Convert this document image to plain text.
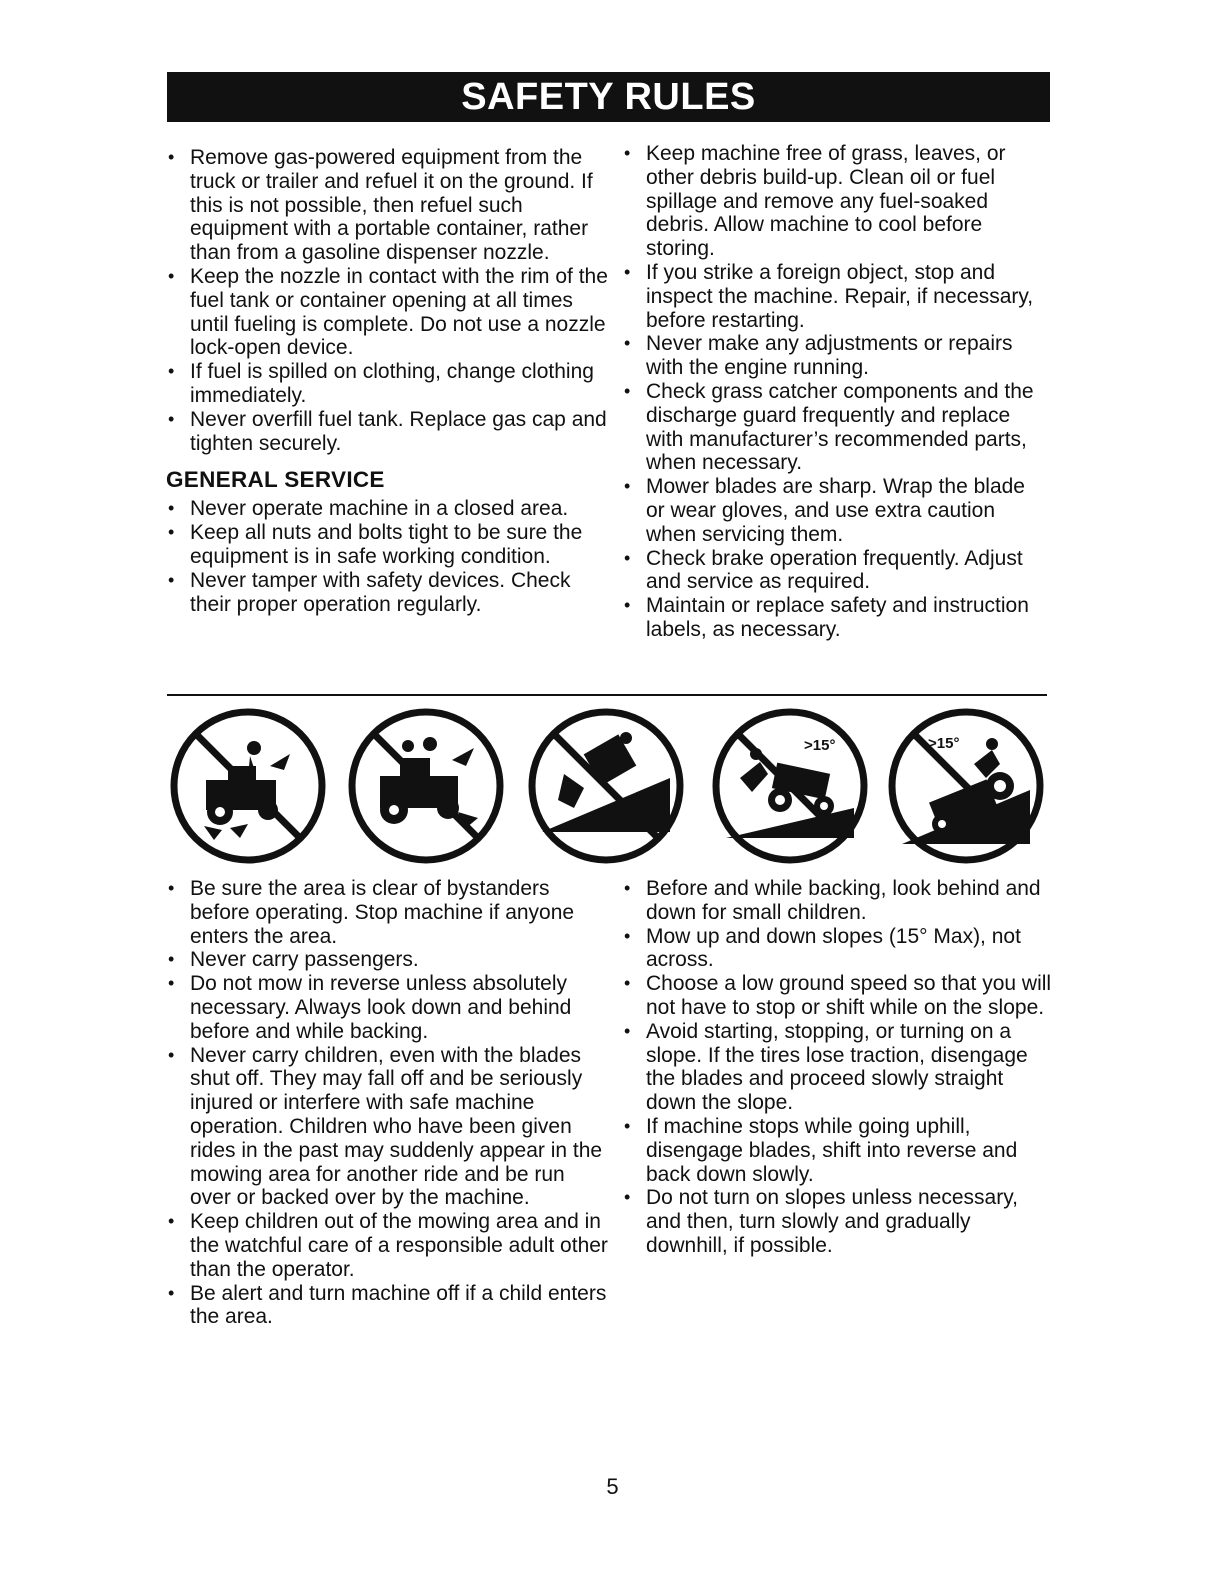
SAFETY RULES
• Remove gas-powered equipment from the truck or trailer and refuel it on the ground. If this is not possible, then refuel such equipment with a portable container, rather than from a gasoline dispenser nozzle.
• Keep the nozzle in contact with the rim of the fuel tank or container opening at all times until fueling is complete. Do not use a nozzle lock-open device.
• If fuel is spilled on clothing, change clothing immediately.
• Never overfill fuel tank. Replace gas cap and tighten securely.
GENERAL SERVICE
• Never operate machine in a closed area.
• Keep all nuts and bolts tight to be sure the equipment is in safe working condition.
• Never tamper with safety devices. Check their proper operation regularly.
• Keep machine free of grass, leaves, or other debris build-up. Clean oil or fuel spillage and remove any fuel-soaked debris. Allow machine to cool before storing.
• If you strike a foreign object, stop and inspect the machine. Repair, if necessary, before restarting.
• Never make any adjustments or repairs with the engine running.
• Check grass catcher components and the discharge guard frequently and replace with manufacturer’s recommended parts, when necessary.
• Mower blades are sharp. Wrap the blade or wear gloves, and use extra caution when servicing them.
• Check brake operation frequently. Adjust and service as required.
• Maintain or replace safety and instruction labels, as necessary.
>15°	>15°
• Be sure the area is clear of bystanders before operating. Stop machine if anyone enters the area.
• Never carry passengers.
• Do not mow in reverse unless absolutely necessary. Always look down and behind before and while backing.
• Never carry children, even with the blades shut off. They may fall off and be seriously injured or interfere with safe machine operation. Children who have been given rides in the past may suddenly appear in the mowing area for another ride and be run over or backed over by the machine.
• Keep children out of the mowing area and in the watchful care of a responsible adult other than the operator.
• Be alert and turn machine off if a child enters the area.
• Before and while backing, look behind and down for small children.
• Mow up and down slopes (15° Max), not across.
• Choose a low ground speed so that you will not have to stop or shift while on the slope.
• Avoid starting, stopping, or turning on a slope. If the tires lose traction, disengage the blades and proceed slowly straight down the slope.
• If machine stops while going uphill, disengage blades, shift into reverse and back down slowly.
• Do not turn on slopes unless necessary, and then, turn slowly and gradually downhill, if possible.
5
